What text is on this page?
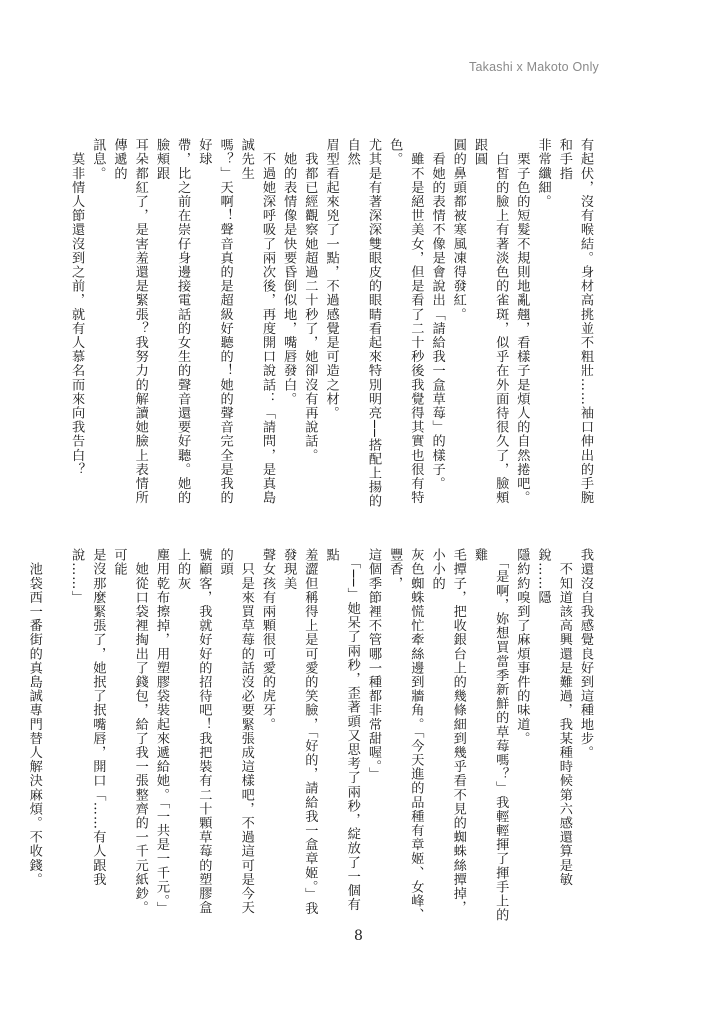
Takashi x Makoto Only

有起伏，沒有喉結。身材高挑並不粗壯……袖口伸出的手腕和手指

非常纖細。

　栗子色的短髮不規則地亂翹，看樣子是煩人的自然捲吧。

　白皙的臉上有著淡色的雀斑，似乎在外面待很久了，臉頰跟圓

圓的鼻頭都被寒風凍得發紅。

　看她的表情不像是會說出「請給我一盒草莓」的樣子。

　雖不是絕世美女，但是看了二十秒後我覺得其實也很有特色。

尤其是有著深深雙眼皮的眼睛看起來特別明亮──搭配上揚的自然

眉型看起來兇了一點，不過感覺是可造之材。

　我都已經觀察她超過二十秒了，她卻沒有再說話。

　她的表情像是快要昏倒似地，嘴唇發白。

　不過她深呼吸了兩次後，再度開口說話：「請問，是真島誠先生

嗎？」天啊！聲音真的是超級好聽的！她的聲音完全是我的好球

帶，比之前在崇仔身邊接電話的女生的聲音還要好聽。她的臉頰跟

耳朵都紅了，是害羞還是緊張？我努力的解讀她臉上表情所傳遞的

訊息。

　莫非情人節還沒到之前，就有人慕名而來向我告白？

我還沒自我感覺良好到這種地步。

　不知道該高興還是難過，我某種時候第六感還算是敏銳……隱

隱約約嗅到了麻煩事件的味道。

　「是啊，妳想買當季新鮮的草莓嗎？」我輕輕揮了揮手上的雞

毛撢子，把收銀台上的幾條細到幾乎看不見的蜘蛛絲撢掉，小小的

灰色蜘蛛慌忙牽絲邊到牆角。「今天進的品種有章姬、女峰、豐香，

這個季節裡不管哪一種都非常甜喔。」

　「──」她呆了兩秒，歪著頭又思考了兩秒，綻放了一個有點

羞澀但稱得上是可愛的笑臉，「好的，請給我一盒章姬。」我發現美

聲女孩有兩顆很可愛的虎牙。

　只是來買草莓的話沒必要緊張成這樣吧，不過這可是今天的頭

號顧客，我就好好的招待吧！我把裝有二十顆草莓的塑膠盒上的灰

塵用乾布擦掉，用塑膠袋裝起來遞給她。「一共是一千元。」

　她從口袋裡掏出了錢包，給了我一張整齊的一千元紙鈔。可能

是沒那麼緊張了，她抿了抿嘴唇，開口「……有人跟我說……」

　池袋西一番街的真島誠專門替人解決麻煩。不收錢。

8
